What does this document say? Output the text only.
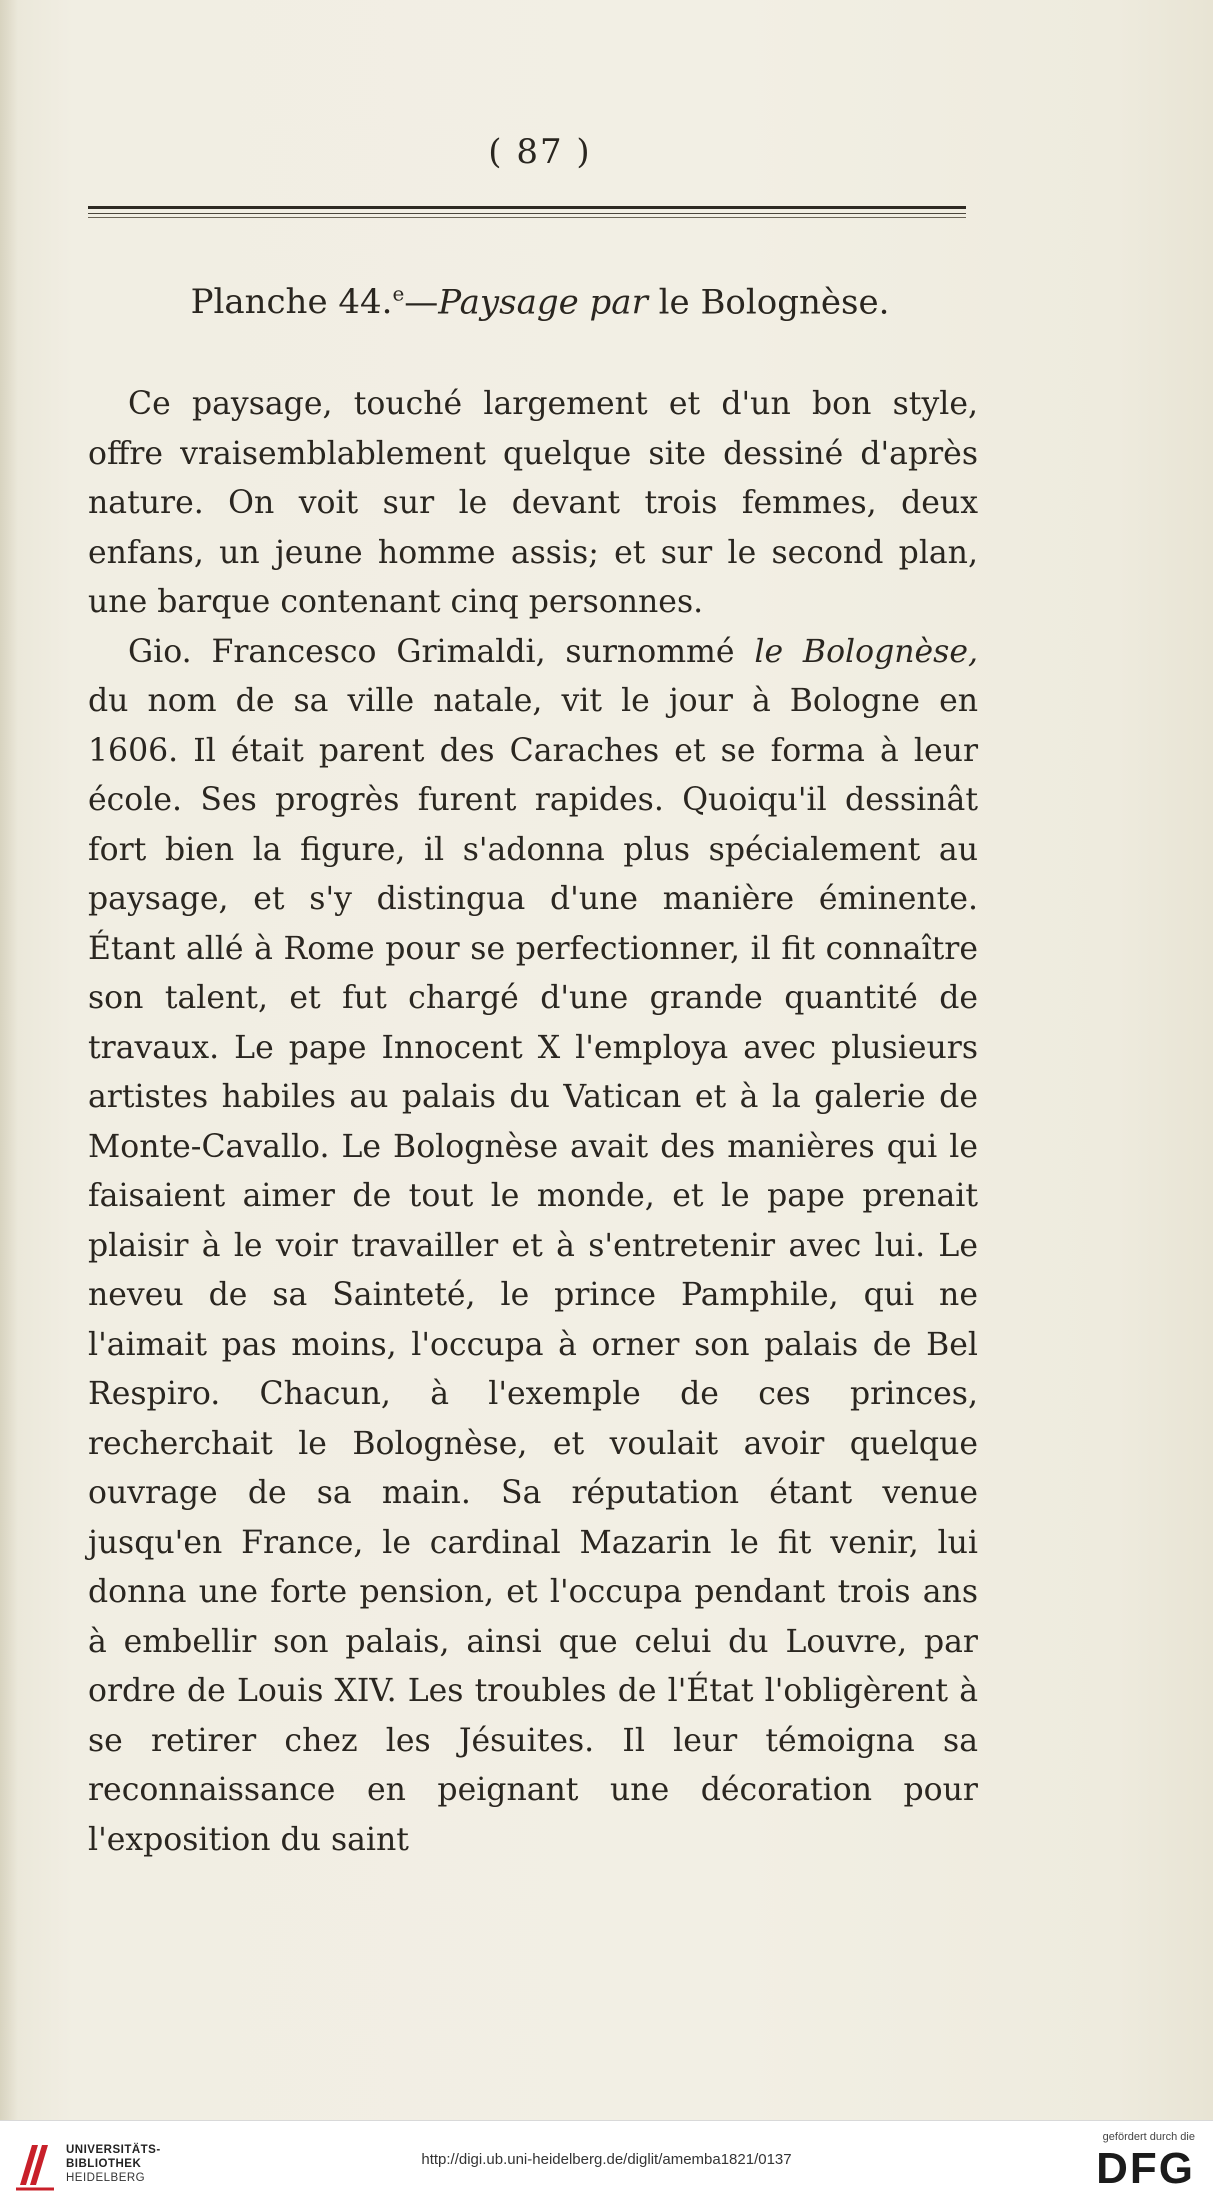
( 87 )
Planche 44.$^e$—Paysage par le Bolognèse.

Ce paysage, touché largement et d'un bon style, offre vraisemblablement quelque site dessiné d'après nature. On voit sur le devant trois femmes, deux enfans, un jeune homme assis; et sur le second plan, une barque contenant cinq personnes.

Gio. Francesco Grimaldi, surnommé le Bolognèse, du nom de sa ville natale, vit le jour à Bologne en 1606. Il était parent des Caraches et se forma à leur école. Ses progrès furent rapides. Quoiqu'il dessinât fort bien la figure, il s'adonna plus spécialement au paysage, et s'y distingua d'une manière éminente. Étant allé à Rome pour se perfectionner, il fit connaître son talent, et fut chargé d'une grande quantité de travaux. Le pape Innocent X l'employa avec plusieurs artistes habiles au palais du Vatican et à la galerie de Monte-Cavallo. Le Bolognèse avait des manières qui le faisaient aimer de tout le monde, et le pape prenait plaisir à le voir travailler et à s'entretenir avec lui. Le neveu de sa Sainteté, le prince Pamphile, qui ne l'aimait pas moins, l'occupa à orner son palais de Bel Respiro. Chacun, à l'exemple de ces princes, recherchait le Bolognèse, et voulait avoir quelque ouvrage de sa main. Sa réputation étant venue jusqu'en France, le cardinal Mazarin le fit venir, lui donna une forte pension, et l'occupa pendant trois ans à embellir son palais, ainsi que celui du Louvre, par ordre de Louis XIV. Les troubles de l'État l'obligèrent à se retirer chez les Jésuites. Il leur témoigna sa reconnaissance en peignant une décoration pour l'exposition du saint

UNIVERSITÄTS-
BIBLIOTHEK
HEIDELBERG
http://digi.ub.uni-heidelberg.de/diglit/amemba1821/0137
gefördert durch die
DFG
